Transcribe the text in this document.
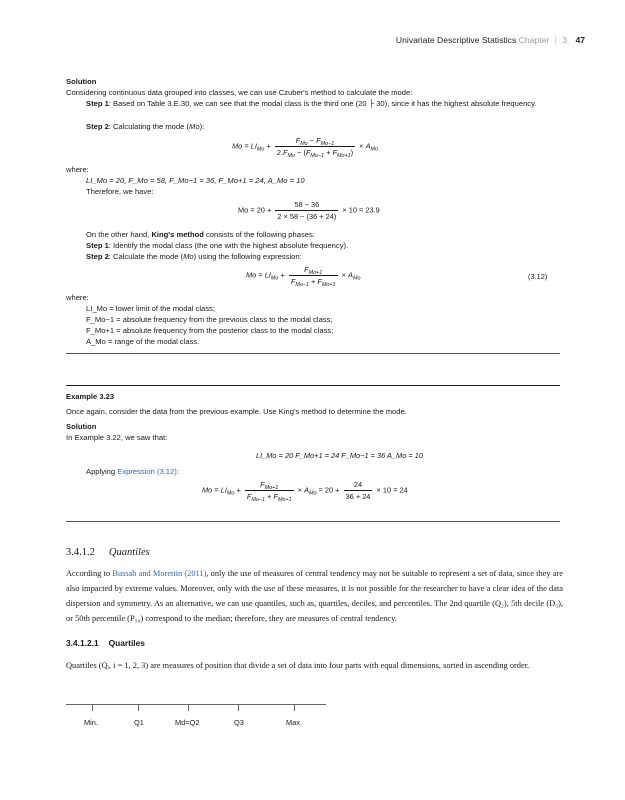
Univariate Descriptive Statistics Chapter | 3 47
Solution
Considering continuous data grouped into classes, we can use Czuber's method to calculate the mode:
Step 1: Based on Table 3.E.30, we can see that the modal class is the third one (20 ├ 30), since it has the highest absolute frequency.
Step 2: Calculating the mode (Mo):
$Mo = LI_{Mo} + \frac{F_{Mo} - F_{Mo-1}}{2.F_{Mo} - (F_{Mo-1} + F_{Mo+1})} \times A_{Mo}$
where:
LI_Mo = 20, F_Mo = 58, F_Mo−1 = 36, F_Mo+1 = 24, A_Mo = 10
Therefore, we have:
$Mo = 20 + \frac{58 - 36}{2 \times 58 - (36 + 24)} \times 10 = 23.9$
On the other hand, King's method consists of the following phases:
Step 1: Identify the modal class (the one with the highest absolute frequency).
Step 2: Calculate the mode (Mo) using the following expression:
$Mo = LI_{Mo} + \frac{F_{Mo+1}}{F_{Mo-1} + F_{Mo+1}} \times A_{Mo}$	(3.12)
where:
LI_Mo = lower limit of the modal class;
F_Mo−1 = absolute frequency from the previous class to the modal class;
F_Mo+1 = absolute frequency from the posterior class to the modal class;
A_Mo = range of the modal class.
Example 3.23
Once again, consider the data from the previous example. Use King's method to determine the mode.
Solution
In Example 3.22, we saw that:
LI_Mo = 20 F_Mo+1 = 24 F_Mo−1 = 36 A_Mo = 10
Applying Expression (3.12):
$Mo = LI_{Mo} + \frac{F_{Mo+1}}{F_{Mo-1} + F_{Mo+1}} \times A_{Mo} = 20 + \frac{24}{36 + 24} \times 10 = 24$
3.4.1.2 Quantiles
According to Bussab and Morettin (2011), only the use of measures of central tendency may not be suitable to represent a set of data, since they are also impacted by extreme values. Moreover, only with the use of these measures, it is not possible for the researcher to have a clear idea of the data dispersion and symmetry. As an alternative, we can use quantiles, such as, quartiles, deciles, and percentiles. The 2nd quartile (Q₂), 5th decile (D₅), or 50th percentile (P₅₀) correspond to the median; therefore, they are measures of central tendency.
3.4.1.2.1 Quartiles
Quartiles (Qᵢ, i = 1, 2, 3) are measures of position that divide a set of data into four parts with equal dimensions, sorted in ascending order.
Min.	Q1	Md=Q2	Q3	Max.
